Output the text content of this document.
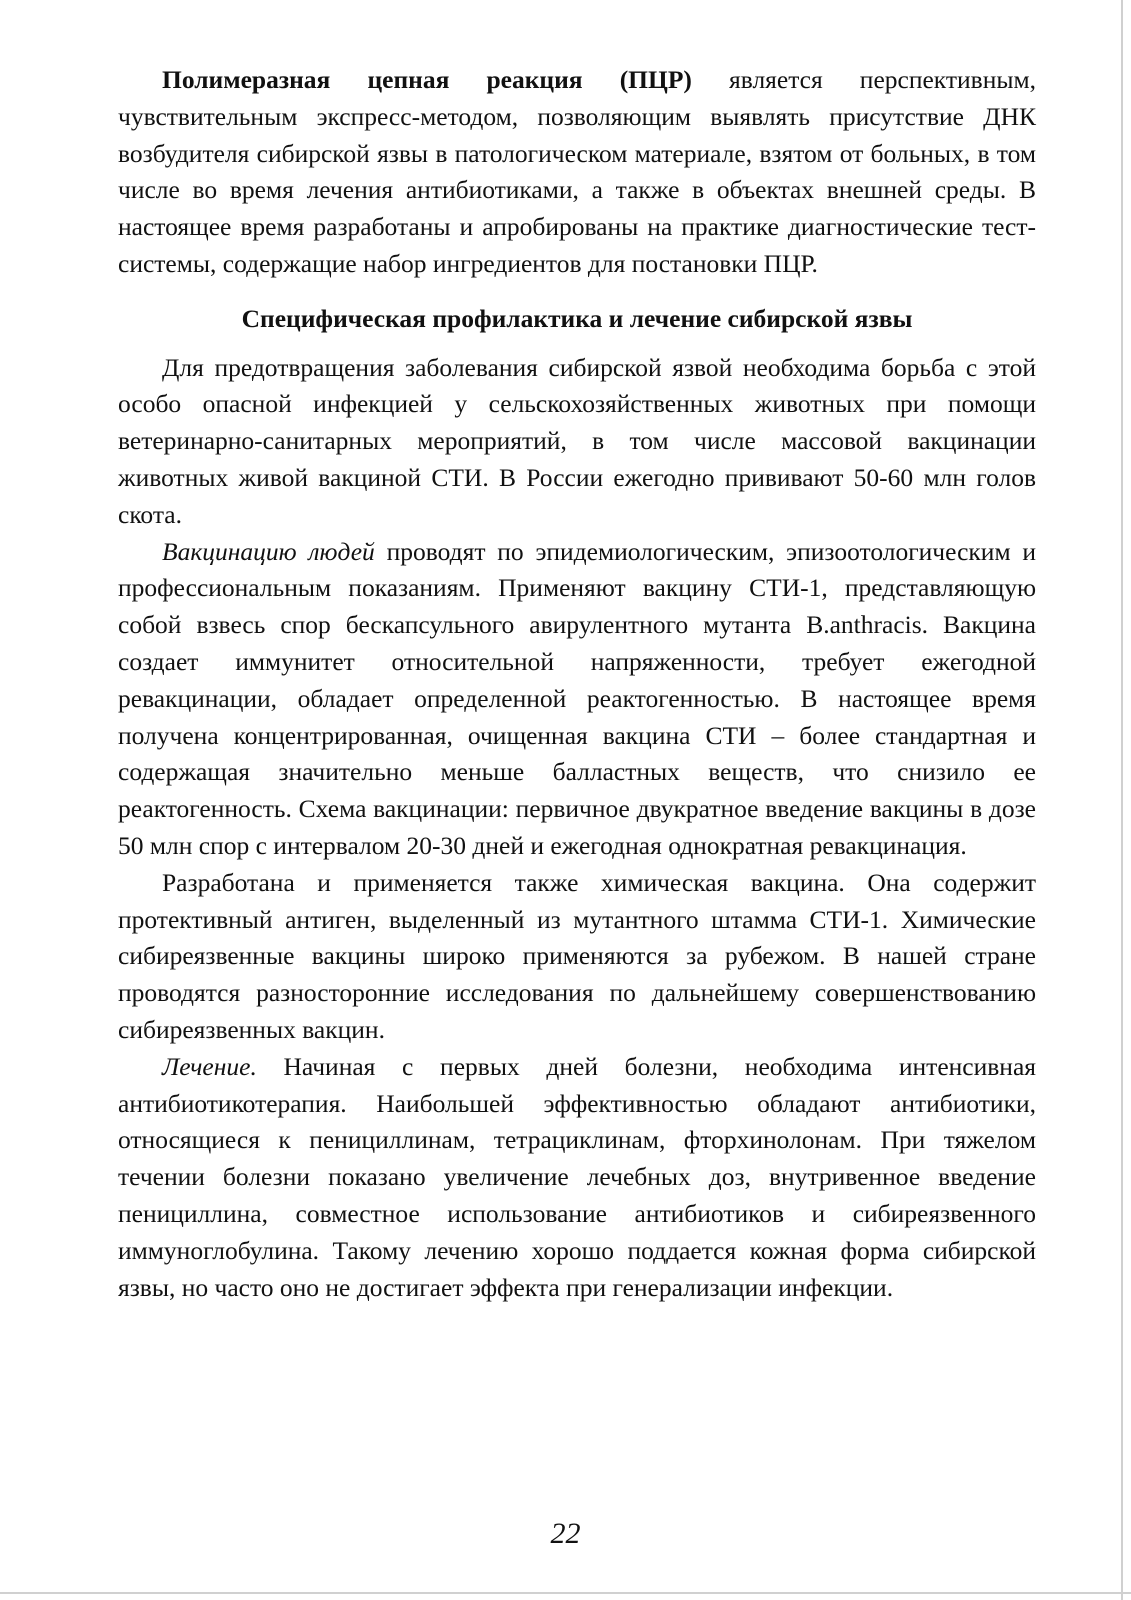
Полимеразная цепная реакция (ПЦР) является перспективным, чувствительным экспресс-методом, позволяющим выявлять присутствие ДНК возбудителя сибирской язвы в патологическом материале, взятом от больных, в том числе во время лечения антибиотиками, а также в объектах внешней среды. В настоящее время разработаны и апробированы на практике диагностические тест-системы, содержащие набор ингредиентов для постановки ПЦР.

Специфическая профилактика и лечение сибирской язвы

Для предотвращения заболевания сибирской язвой необходима борьба с этой особо опасной инфекцией у сельскохозяйственных животных при помощи ветеринарно-санитарных мероприятий, в том числе массовой вакцинации животных живой вакциной СТИ. В России ежегодно прививают 50-60 млн голов скота.

Вакцинацию людей проводят по эпидемиологическим, эпизоотологическим и профессиональным показаниям. Применяют вакцину СТИ-1, представляющую собой взвесь спор бескапсульного авирулентного мутанта B.anthracis. Вакцина создает иммунитет относительной напряженности, требует ежегодной ревакцинации, обладает определенной реактогенностью. В настоящее время получена концентрированная, очищенная вакцина СТИ – более стандартная и содержащая значительно меньше балластных веществ, что снизило ее реактогенность. Схема вакцинации: первичное двукратное введение вакцины в дозе 50 млн спор с интервалом 20-30 дней и ежегодная однократная ревакцинация.

Разработана и применяется также химическая вакцина. Она содержит протективный антиген, выделенный из мутантного штамма СТИ-1. Химические сибиреязвенные вакцины широко применяются за рубежом. В нашей стране проводятся разносторонние исследования по дальнейшему совершенствованию сибиреязвенных вакцин.

Лечение. Начиная с первых дней болезни, необходима интенсивная антибиотикотерапия. Наибольшей эффективностью обладают антибиотики, относящиеся к пенициллинам, тетрациклинам, фторхинолонам. При тяжелом течении болезни показано увеличение лечебных доз, внутривенное введение пенициллина, совместное использование антибиотиков и сибиреязвенного иммуноглобулина. Такому лечению хорошо поддается кожная форма сибирской язвы, но часто оно не достигает эффекта при генерализации инфекции.

22
